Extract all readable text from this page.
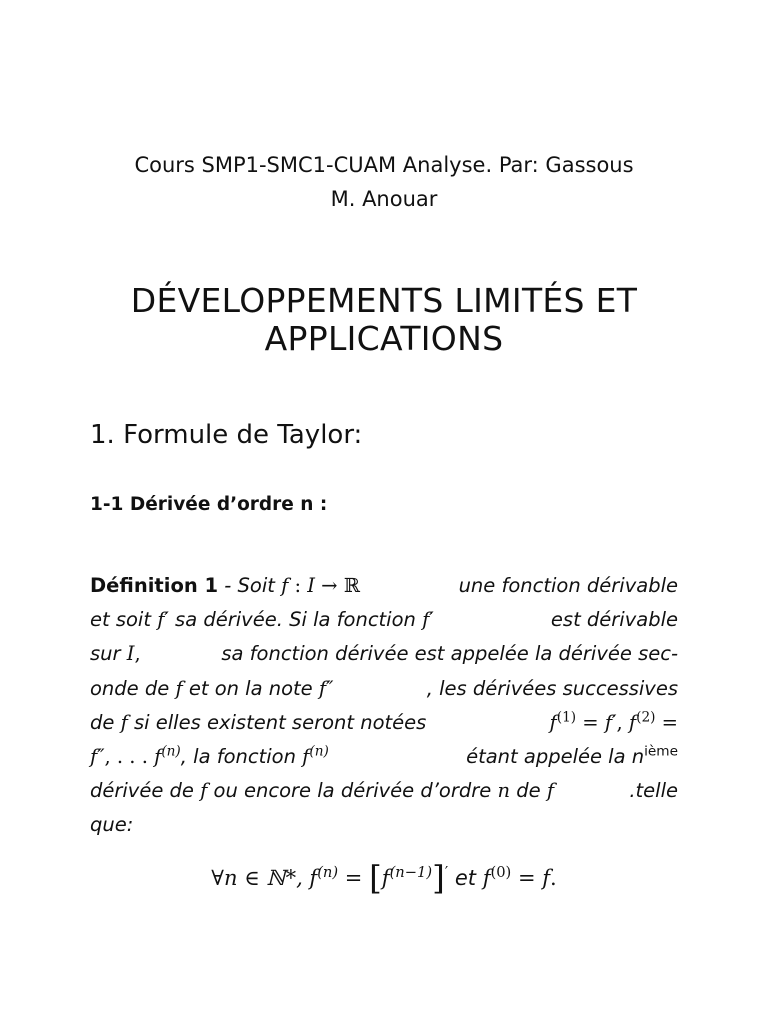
Cours SMP1-SMC1-CUAM Analyse. Par: Gassous
M. Anouar
DÉVELOPPEMENTS LIMITÉS ET
APPLICATIONS
1. Formule de Taylor:
1-1 Dérivée d’ordre n :
Définition 1 - Soit f : I → ℝ	une fonction dérivable
et soit f′ sa dérivée. Si la fonction f′	est dérivable
sur I,	sa fonction dérivée est appelée la dérivée sec-
onde de f et on la note f″	, les dérivées successives
de f si elles existent seront notées	$f^{(1)} = f'$, $f^{(2)}$ =
f″, . . . $f^{(n)}$, la fonction $f^{(n)}$	étant appelée la $n^{ième}$
dérivée de f ou encore la dérivée d’ordre n de f	.telle
que:
∀n ∈ ℕ*, $f^{(n)} = [f^{(n-1)}]'$ et $f^{(0)} = f$.
